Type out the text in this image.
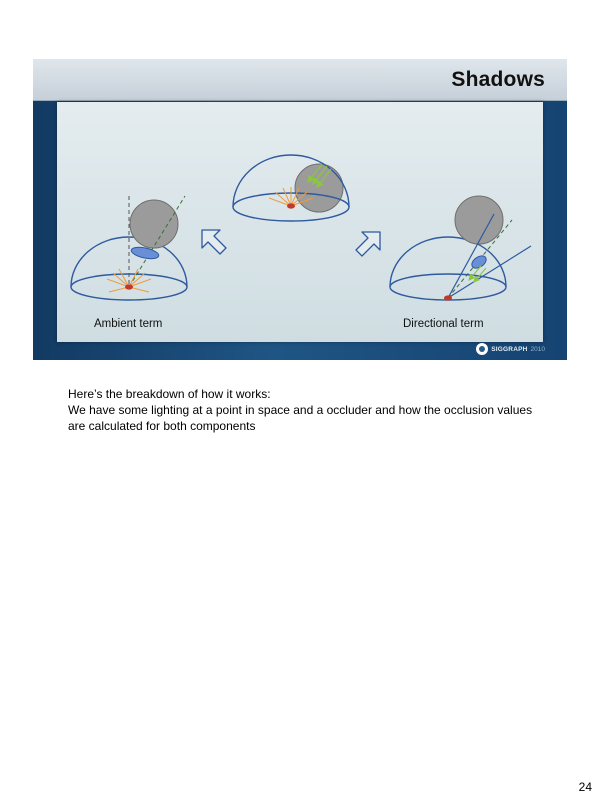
Shadows
Ambient term	Directional term
SIGGRAPH 2010

Here’s the breakdown of how it works:

We have some lighting at a point in space and a occluder and how the occlusion values are calculated for both components

24
